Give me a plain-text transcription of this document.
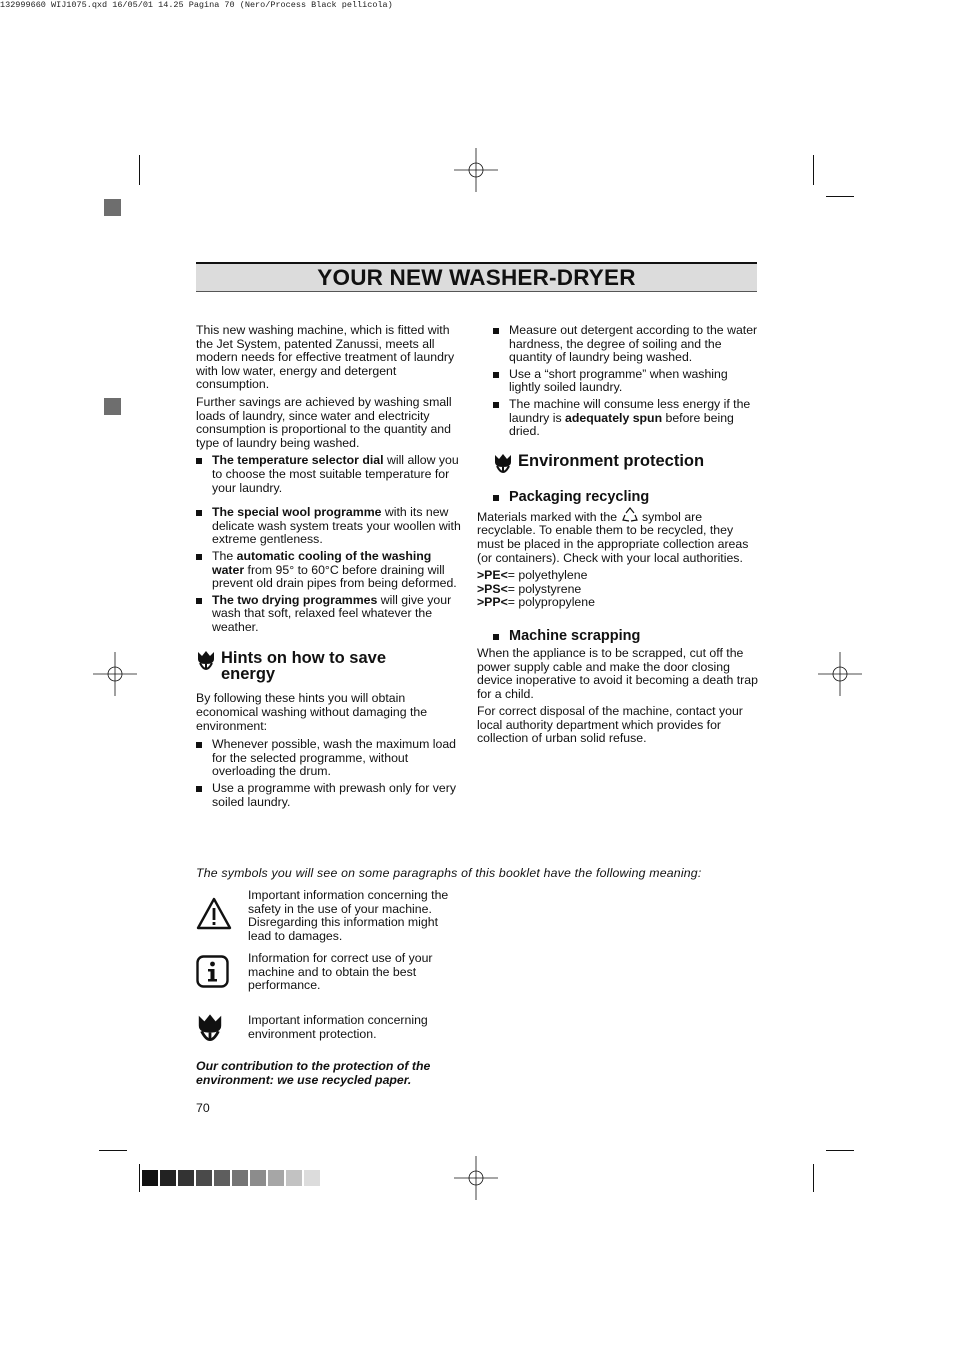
132999660 WIJ1075.qxd 16/05/01 14.25 Pagina 70 (Nero/Process Black pellicola)
YOUR NEW WASHER-DRYER

This new washing machine, which is fitted with the Jet System, patented Zanussi, meets all modern needs for effective treatment of laundry with low water, energy and detergent consumption.

Further savings are achieved by washing small loads of laundry, since water and electricity consumption is proportional to the quantity and type of laundry being washed.

The temperature selector dial will allow you to choose the most suitable temperature for your laundry.
The special wool programme with its new delicate wash system treats your woollen with extreme gentleness.
The automatic cooling of the washing water from 95° to 60°C before draining will prevent old drain pipes from being deformed.
The two drying programmes will give your wash that soft, relaxed feel whatever the weather.
Hints on how to save energy

By following these hints you will obtain economical washing without damaging the environment:

Whenever possible, wash the maximum load for the selected programme, without overloading the drum.
Use a programme with prewash only for very soiled laundry.
Measure out detergent according to the water hardness, the degree of soiling and the quantity of laundry being washed.
Use a “short programme” when washing lightly soiled laundry.
The machine will consume less energy if the laundry is adequately spun before being dried.
Environment protection
Packaging recycling

Materials marked with the  symbol are recyclable. To enable them to be recycled, they must be placed in the appropriate collection areas (or containers). Check with your local authorities.

>PE<= polyethylene
>PS<= polystyrene
>PP<= polypropylene
Machine scrapping

When the appliance is to be scrapped, cut off the power supply cable and make the door closing device inoperative to avoid it becoming a death trap for a child.

For correct disposal of the machine, contact your local authority department which provides for collection of urban solid refuse.

The symbols you will see on some paragraphs of this booklet have the following meaning:
Important information concerning the safety in the use of your machine. Disregarding this information might lead to damages.
Information for correct use of your machine and to obtain the best performance.
Important information concerning environment protection.
Our contribution to the protection of the environment: we use recycled paper.
70
